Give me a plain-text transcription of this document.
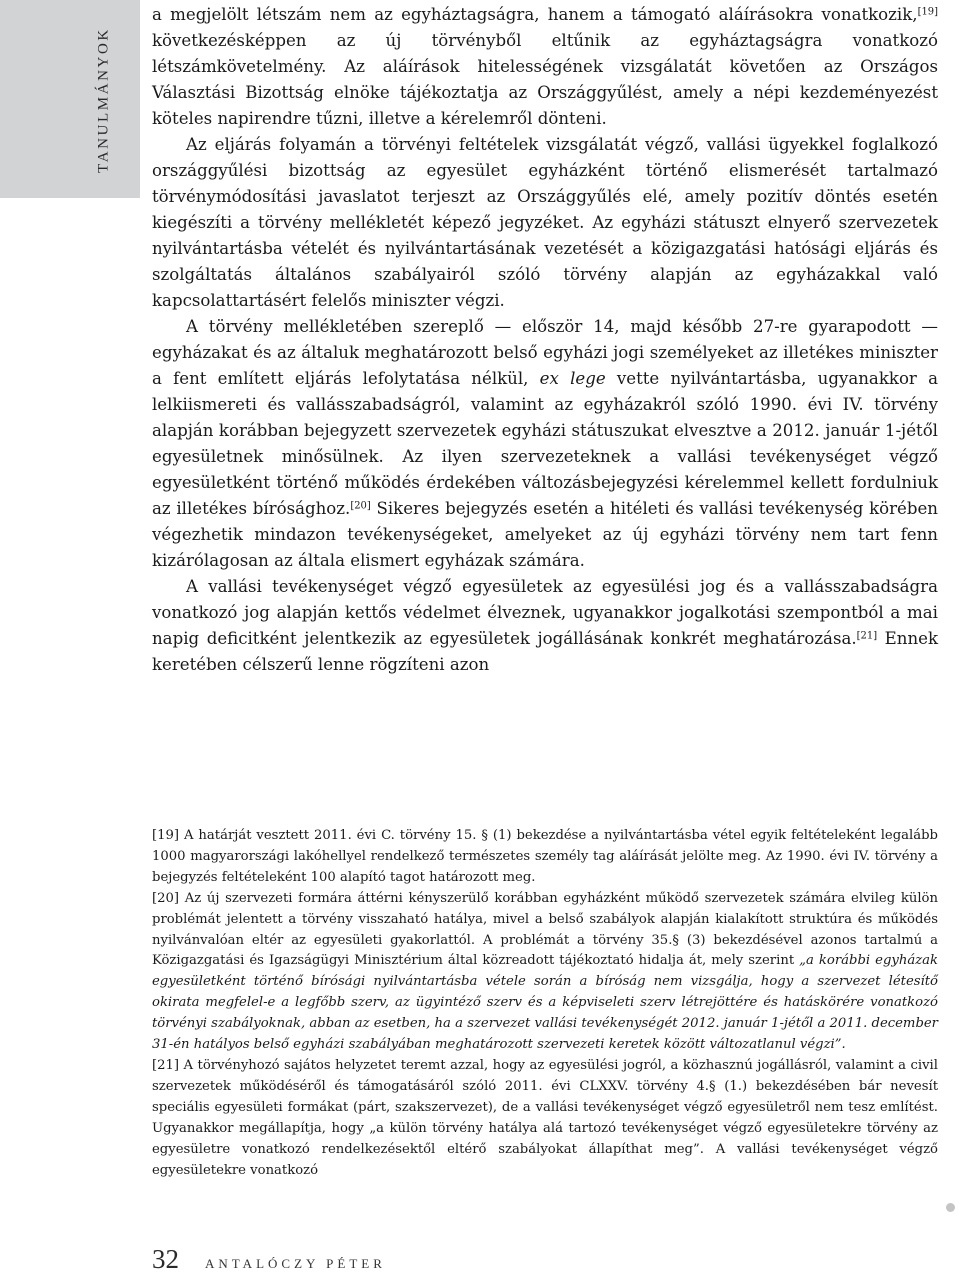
TANULMÁNYOK

a megjelölt létszám nem az egyháztagságra, hanem a támogató aláírásokra vonatkozik,[19] következésképpen az új törvényből eltűnik az egyháztagságra vonatkozó létszámkövetelmény. Az aláírások hitelességének vizsgálatát követően az Országos Választási Bizottság elnöke tájékoztatja az Országgyűlést, amely a népi kezdeményezést köteles napirendre tűzni, illetve a kérelemről dönteni.

Az eljárás folyamán a törvényi feltételek vizsgálatát végző, vallási ügyekkel foglalkozó országgyűlési bizottság az egyesület egyházként történő elismerését tartalmazó törvénymódosítási javaslatot terjeszt az Országgyűlés elé, amely pozitív döntés esetén kiegészíti a törvény mellékletét képező jegyzéket. Az egyházi státuszt elnyerő szervezetek nyilvántartásba vételét és nyilvántartásának vezetését a közigazgatási hatósági eljárás és szolgáltatás általános szabályairól szóló törvény alapján az egyházakkal való kapcsolattartásért felelős miniszter végzi.

A törvény mellékletében szereplő — először 14, majd később 27-re gyarapodott — egyházakat és az általuk meghatározott belső egyházi jogi személyeket az illetékes miniszter a fent említett eljárás lefolytatása nélkül, ex lege vette nyilvántartásba, ugyanakkor a lelkiismereti és vallásszabadságról, valamint az egyházakról szóló 1990. évi IV. törvény alapján korábban bejegyzett szervezetek egyházi státuszukat elvesztve a 2012. január 1-jétől egyesületnek minősülnek. Az ilyen szervezeteknek a vallási tevékenységet végző egyesületként történő működés érdekében változásbejegyzési kérelemmel kellett fordulniuk az illetékes bírósághoz.[20] Sikeres bejegyzés esetén a hitéleti és vallási tevékenység körében végezhetik mindazon tevékenységeket, amelyeket az új egyházi törvény nem tart fenn kizárólagosan az általa elismert egyházak számára.

A vallási tevékenységet végző egyesületek az egyesülési jog és a vallásszabadságra vonatkozó jog alapján kettős védelmet élveznek, ugyanakkor jogalkotási szempontból a mai napig deficitként jelentkezik az egyesületek jogállásának konkrét meghatározása.[21] Ennek keretében célszerű lenne rögzíteni azon

[19] A határját vesztett 2011. évi C. törvény 15. § (1) bekezdése a nyilvántartásba vétel egyik feltételeként legalább 1000 magyarországi lakóhellyel rendelkező természetes személy tag aláírását jelölte meg. Az 1990. évi IV. törvény a bejegyzés feltételeként 100 alapító tagot határozott meg.

[20] Az új szervezeti formára áttérni kényszerülő korábban egyházként működő szervezetek számára elvileg külön problémát jelentett a törvény visszaható hatálya, mivel a belső szabályok alapján kialakított struktúra és működés nyilvánvalóan eltér az egyesületi gyakorlattól. A problémát a törvény 35.§ (3) bekezdésével azonos tartalmú a Közigazgatási és Igazságügyi Minisztérium által közreadott tájékoztató hidalja át, mely szerint „a korábbi egyházak egyesületként történő bírósági nyilvántartásba vétele során a bíróság nem vizsgálja, hogy a szervezet létesítő okirata megfelel-e a legfőbb szerv, az ügyintéző szerv és a képviseleti szerv létrejöttére és hatáskörére vonatkozó törvényi szabályoknak, abban az esetben, ha a szervezet vallási tevékenységét 2012. január 1-jétől a 2011. december 31-én hatályos belső egyházi szabályában meghatározott szervezeti keretek között változatlanul végzi”.

[21] A törvényhozó sajátos helyzetet teremt azzal, hogy az egyesülési jogról, a közhasznú jogállásról, valamint a civil szervezetek működéséről és támogatásáról szóló 2011. évi CLXXV. törvény 4.§ (1.) bekezdésében bár nevesít speciális egyesületi formákat (párt, szakszervezet), de a vallási tevékenységet végző egyesületről nem tesz említést. Ugyanakkor megállapítja, hogy „a külön törvény hatálya alá tartozó tevékenységet végző egyesületekre törvény az egyesületre vonatkozó rendelkezésektől eltérő szabályokat állapíthat meg”. A vallási tevékenységet végző egyesületekre vonatkozó

32 ANTALÓCZY PÉTER
